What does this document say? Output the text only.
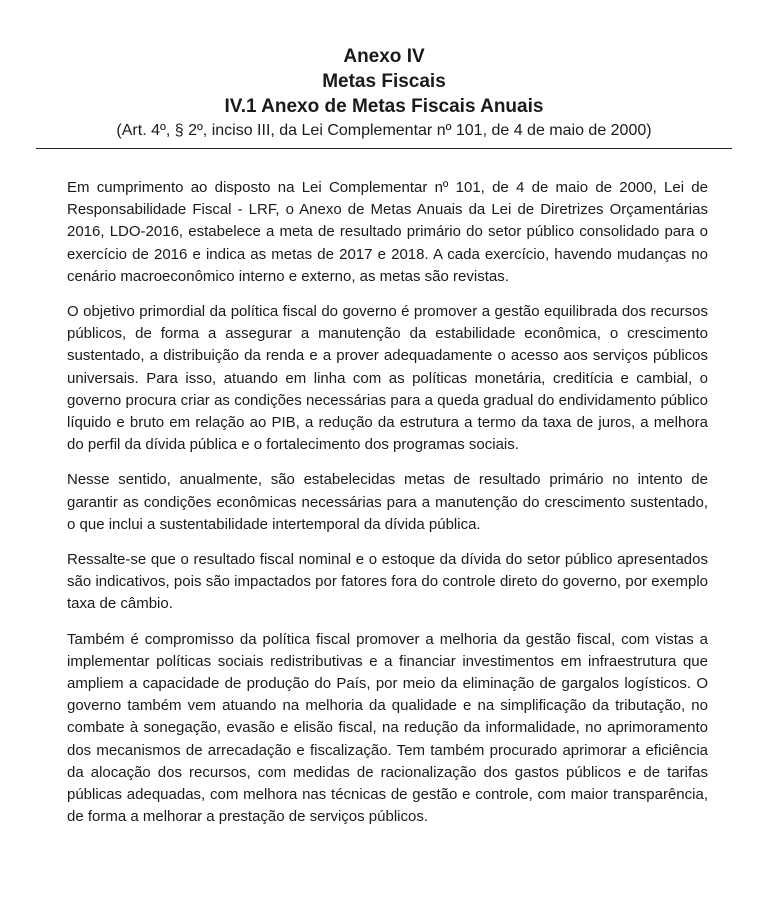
Anexo IV

Metas Fiscais

IV.1 Anexo de Metas Fiscais Anuais

(Art. 4º, § 2º, inciso III, da Lei Complementar nº 101, de 4 de maio de 2000)

Em cumprimento ao disposto na Lei Complementar nº 101, de 4 de maio de 2000, Lei de Responsabilidade Fiscal - LRF, o Anexo de Metas Anuais da Lei de Diretrizes Orçamentárias 2016, LDO-2016, estabelece a meta de resultado primário do setor público consolidado para o exercício de 2016 e indica as metas de 2017 e 2018. A cada exercício, havendo mudanças no cenário macroeconômico interno e externo, as metas são revistas.

O objetivo primordial da política fiscal do governo é promover a gestão equilibrada dos recursos públicos, de forma a assegurar a manutenção da estabilidade econômica, o crescimento sustentado, a distribuição da renda e a prover adequadamente o acesso aos serviços públicos universais. Para isso, atuando em linha com as políticas monetária, creditícia e cambial, o governo procura criar as condições necessárias para a queda gradual do endividamento público líquido e bruto em relação ao PIB, a redução da estrutura a termo da taxa de juros, a melhora do perfil da dívida pública e o fortalecimento dos programas sociais.

Nesse sentido, anualmente, são estabelecidas metas de resultado primário no intento de garantir as condições econômicas necessárias para a manutenção do crescimento sustentado, o que inclui a sustentabilidade intertemporal da dívida pública.

Ressalte-se que o resultado fiscal nominal e o estoque da dívida do setor público apresentados são indicativos, pois são impactados por fatores fora do controle direto do governo, por exemplo taxa de câmbio.

Também é compromisso da política fiscal promover a melhoria da gestão fiscal, com vistas a implementar políticas sociais redistributivas e a financiar investimentos em infraestrutura que ampliem a capacidade de produção do País, por meio da eliminação de gargalos logísticos. O governo também vem atuando na melhoria da qualidade e na simplificação da tributação, no combate à sonegação, evasão e elisão fiscal, na redução da informalidade, no aprimoramento dos mecanismos de arrecadação e fiscalização. Tem também procurado aprimorar a eficiência da alocação dos recursos, com medidas de racionalização dos gastos públicos e de tarifas públicas adequadas, com melhora nas técnicas de gestão e controle, com maior transparência, de forma a melhorar a prestação de serviços públicos.
